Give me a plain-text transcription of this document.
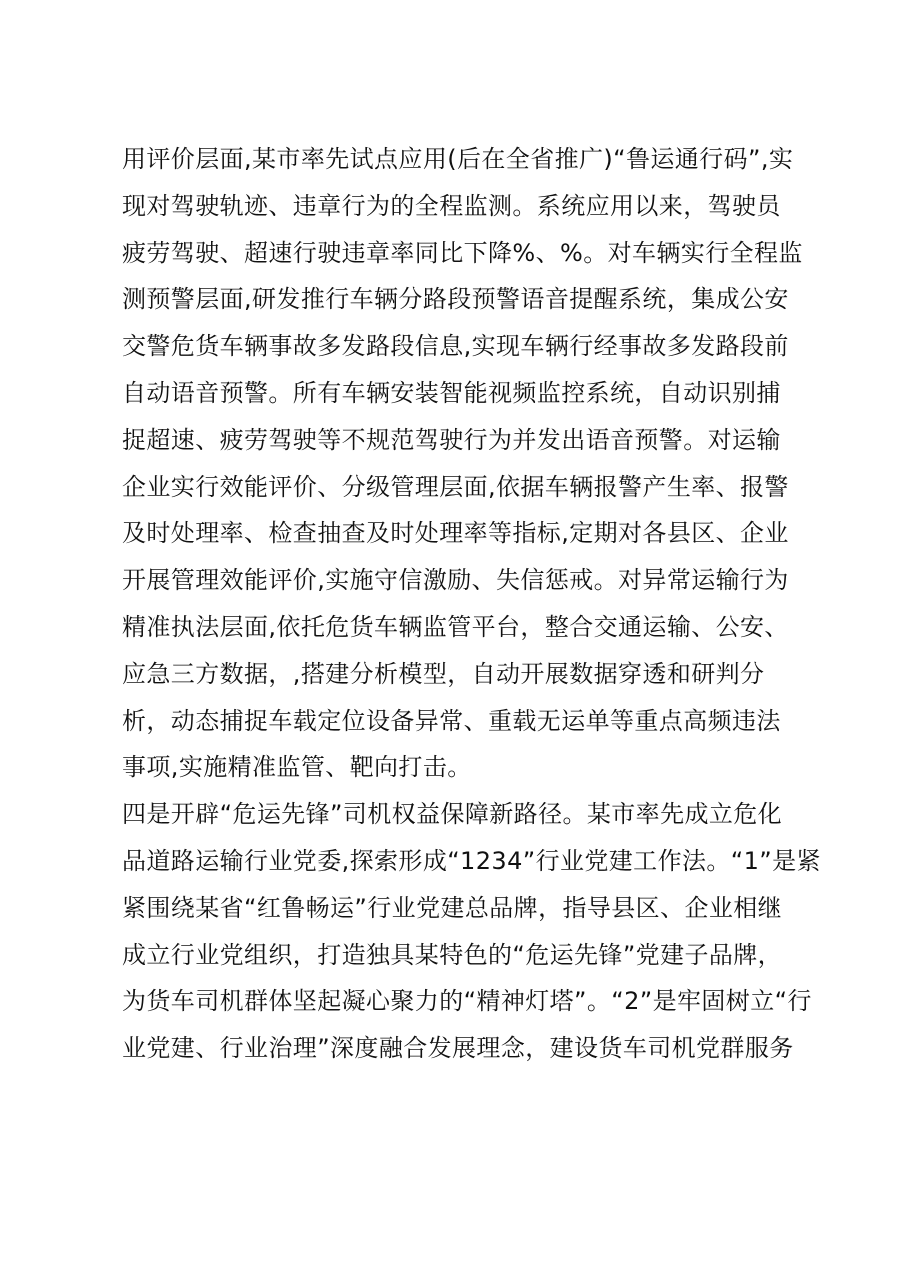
用评价层面,某市率先试点应用(后在全省推广)“鲁运通行码”,实
现对驾驶轨迹、违章行为的全程监测。系统应用以来，驾驶员
疲劳驾驶、超速行驶违章率同比下降%、%。对车辆实行全程监
测预警层面,研发推行车辆分路段预警语音提醒系统，集成公安
交警危货车辆事故多发路段信息,实现车辆行经事故多发路段前
自动语音预警。所有车辆安装智能视频监控系统，自动识别捕
捉超速、疲劳驾驶等不规范驾驶行为并发出语音预警。对运输
企业实行效能评价、分级管理层面,依据车辆报警产生率、报警
及时处理率、检查抽查及时处理率等指标,定期对各县区、企业
开展管理效能评价,实施守信激励、失信惩戒。对异常运输行为
精准执法层面,依托危货车辆监管平台，整合交通运输、公安、
应急三方数据，,搭建分析模型，自动开展数据穿透和研判分
析，动态捕捉车载定位设备异常、重载无运单等重点高频违法
事项,实施精准监管、靶向打击。
四是开辟“危运先锋”司机权益保障新路径。某市率先成立危化
品道路运输行业党委,探索形成“1234”行业党建工作法。“1”是紧
紧围绕某省“红鲁畅运”行业党建总品牌，指导县区、企业相继
成立行业党组织，打造独具某特色的“危运先锋”党建子品牌，
为货车司机群体坚起凝心聚力的“精神灯塔”。“2”是牢固树立“行
业党建、行业治理”深度融合发展理念，建设货车司机党群服务
